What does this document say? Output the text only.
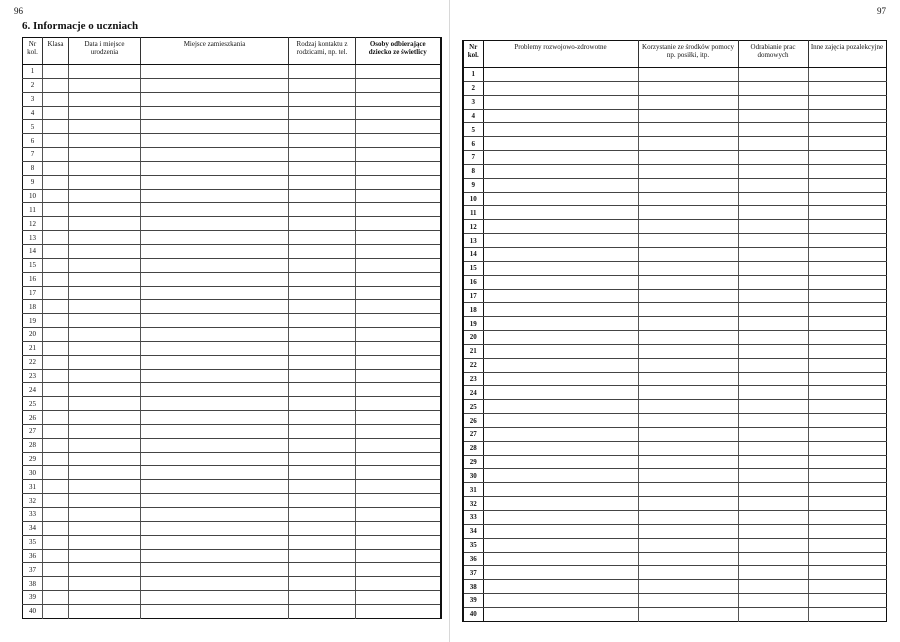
96
6. Informacje o uczniach
Nr kol.	Klasa	Data i miejsce urodzenia	Miejsce zamieszkania	Rodzaj kontaktu z rodzicami, np. tel.	Osoby odbierające dziecko ze świetlicy
1					
2					
3					
4					
5					
6					
7					
8					
9					
10					
11					
12					
13					
14					
15					
16					
17					
18					
19					
20					
21					
22					
23					
24					
25					
26					
27					
28					
29					
30					
31					
32					
33					
34					
35					
36					
37					
38					
39					
40					
97
Nr kol.	Problemy rozwojowo-zdrowotne	Korzystanie ze środków pomocy np. posiłki, itp.	Odrabianie prac domowych	Inne zajęcia pozalekcyjne
1				
2				
3				
4				
5				
6				
7				
8				
9				
10				
11				
12				
13				
14				
15				
16				
17				
18				
19				
20				
21				
22				
23				
24				
25				
26				
27				
28				
29				
30				
31				
32				
33				
34				
35				
36				
37				
38				
39				
40				
